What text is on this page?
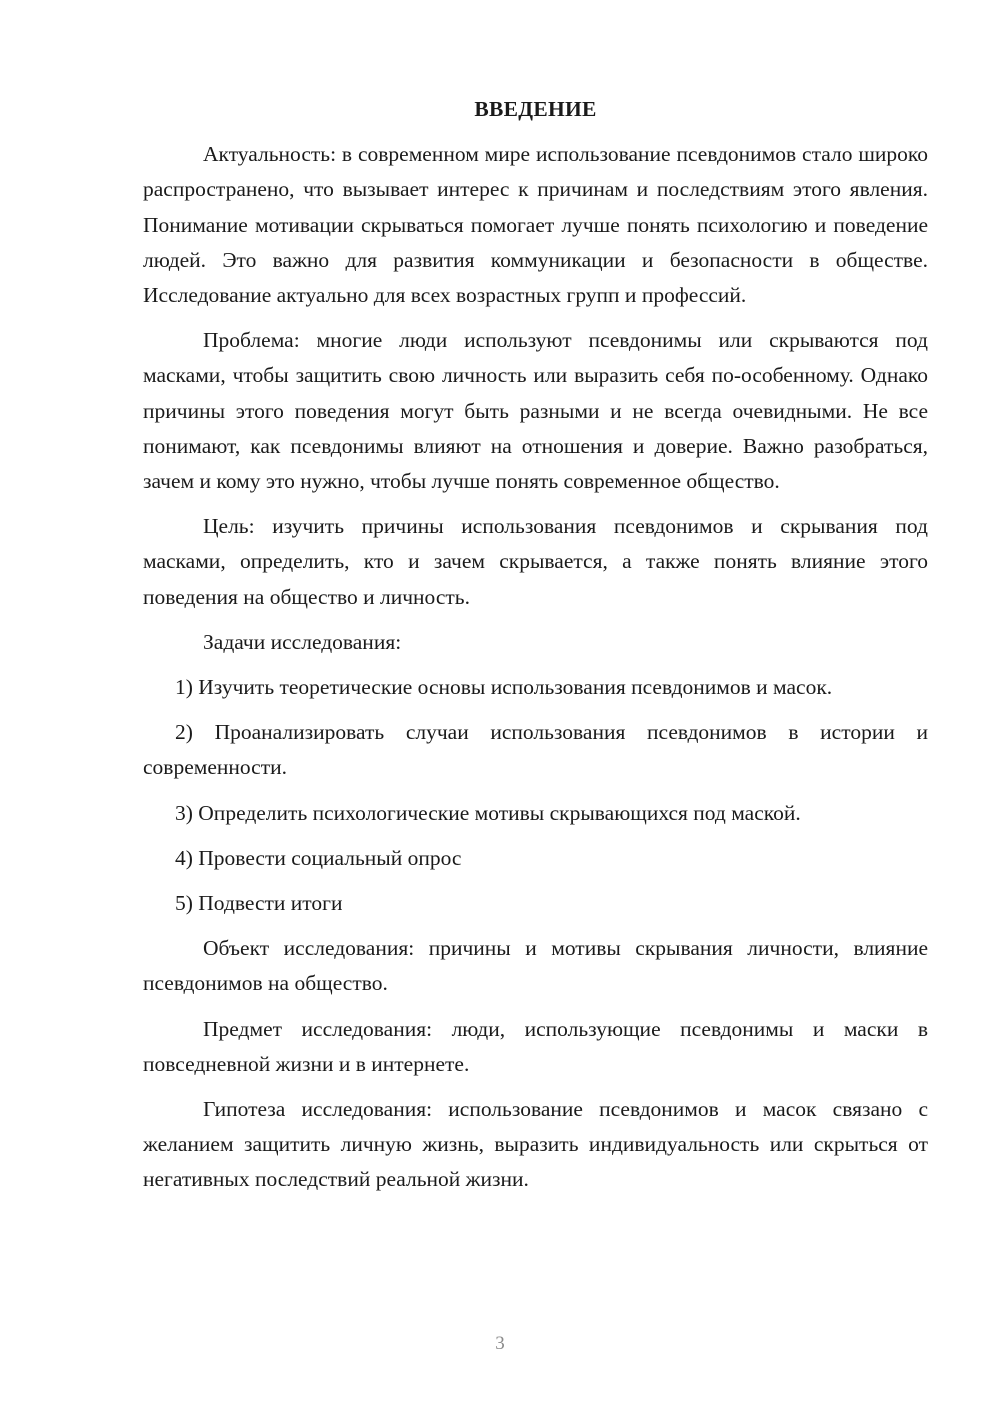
ВВЕДЕНИЕ

Актуальность: в современном мире использование псевдонимов стало широко распространено, что вызывает интерес к причинам и последствиям этого явления. Понимание мотивации скрываться помогает лучше понять психологию и поведение людей. Это важно для развития коммуникации и безопасности в обществе. Исследование актуально для всех возрастных групп и профессий.

Проблема: многие люди используют псевдонимы или скрываются под масками, чтобы защитить свою личность или выразить себя по-особенному. Однако причины этого поведения могут быть разными и не всегда очевидными. Не все понимают, как псевдонимы влияют на отношения и доверие. Важно разобраться, зачем и кому это нужно, чтобы лучше понять современное общество.

Цель: изучить причины использования псевдонимов и скрывания под масками, определить, кто и зачем скрывается, а также понять влияние этого поведения на общество и личность.

Задачи исследования:

1) Изучить теоретические основы использования псевдонимов и масок.

2) Проанализировать случаи использования псевдонимов в истории и современности.

3) Определить психологические мотивы скрывающихся под маской.

4) Провести социальный опрос

5) Подвести итоги

Объект исследования: причины и мотивы скрывания личности, влияние псевдонимов на общество.

Предмет исследования: люди, использующие псевдонимы и маски в повседневной жизни и в интернете.

Гипотеза исследования: использование псевдонимов и масок связано с желанием защитить личную жизнь, выразить индивидуальность или скрыться от негативных последствий реальной жизни.

3
